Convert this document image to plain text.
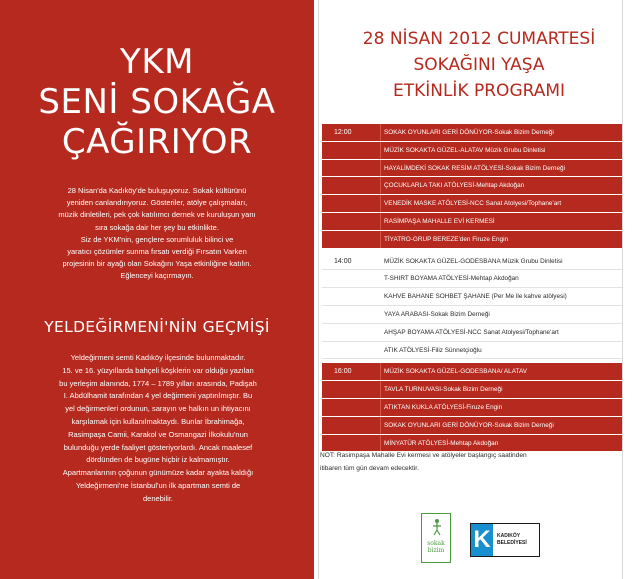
YKM
SENİ SOKAĞA
ÇAĞIRIYOR

28 Nisan'da Kadıköy'de buluşuyoruz. Sokak kültürünü

yeniden canlandırıyoruz. Gösteriler, atölye çalışmaları,

müzik dinletileri, pek çok katılımcı dernek ve kuruluşun yanı

sıra sokağa dair her şey bu etkinlikte.

Siz de YKM'nin, gençlere sorumluluk bilinci ve

yaratıcı çözümler sunma fırsatı verdiği Fırsatın Varken

projesinin bir ayağı olan Sokağını Yaşa etkinliğine katılın.

Eğlenceyi kaçırmayın.

YELDEĞİRMENİ'NİN GEÇMİŞİ

Yeldeğirmeni semti Kadıköy ilçesinde bulunmaktadır.

15. ve 16. yüzyıllarda bahçeli köşklerin var olduğu yazılan

bu yerleşim alanında, 1774 – 1789 yılları arasında, Padişah

I. Abdülhamit tarafından 4 yel değirmeni yaptırılmıştır. Bu

yel değirmenleri ordunun, sarayın ve halkın un ihtiyacını

karşılamak için kullanılmaktaydı. Bunlar İbrahimağa,

Rasimpaşa Camii, Karakol ve Osmangazi İlkokulu'nun

bulunduğu yerde faaliyet gösteriyorlardı. Ancak maalesef

dördünden de bugüne hiçbir iz kalmamıştır.

Apartmanlarının çoğunun günümüze kadar ayakta kaldığı

Yeldeğirmeni'ne İstanbul'un ilk apartman semti de

denebilir.

28 NİSAN 2012 CUMARTESİ
SOKAĞINI YAŞA
ETKİNLİK PROGRAMI
12:00	SOKAK OYUNLARI GERİ DÖNÜYOR-Sokak Bizim Derneği
MÜZİK SOKAKTA GÜZEL-ALATAV Müzik Grubu Dinletisi
HAYALİMDEKİ SOKAK RESİM ATÖLYESİ-Sokak Bizim Derneği
ÇOCUKLARLA TAKI ATÖLYESİ-Mehtap Akdoğan
VENEDİK MASKE ATÖLYESİ-NCC Sanat Atolyesi/Tophane'art
RASİMPAŞA MAHALLE EVİ KERMESİ
TİYATRO-GRUP BEREZE'den Firuze Engin
14:00	MÜZİK SOKAKTA GÜZEL-GODESBANA Müzik Grubu Dinletisi
T-SHIRT BOYAMA ATÖLYESİ-Mehtap Akdoğan
KAHVE BAHANE SOHBET ŞAHANE (Per Me lle kahve atölyesi)
YAYA ARABASI-Sokak Bizim Derneği
AHŞAP BOYAMA ATÖLYESİ-NCC Sanat Atolyesi/Tophane'art
ATIK ATÖLYESİ-Filiz Sünnetçioğlu
16:00	MÜZİK SOKAKTA GÜZEL-GODESBANA/ ALATAV
TAVLA TURNUVASI-Sokak Bizim Derneği
ATIKTAN KUKLA ATÖLYESİ-Firuze Engin
SOKAK OYUNLARI GERİ DÖNÜYOR-Sokak Bizim Derneği
MİNYATÜR ATÖLYESİ-Mehtap Akdoğan
NOT: Rasimpaşa Mahalle Evi kermesi ve atölyeler başlangıç saatinden
itibaren tüm gün devam edecektir.
sokak
bizim K	KADIKÖY
BELEDİYESİ
